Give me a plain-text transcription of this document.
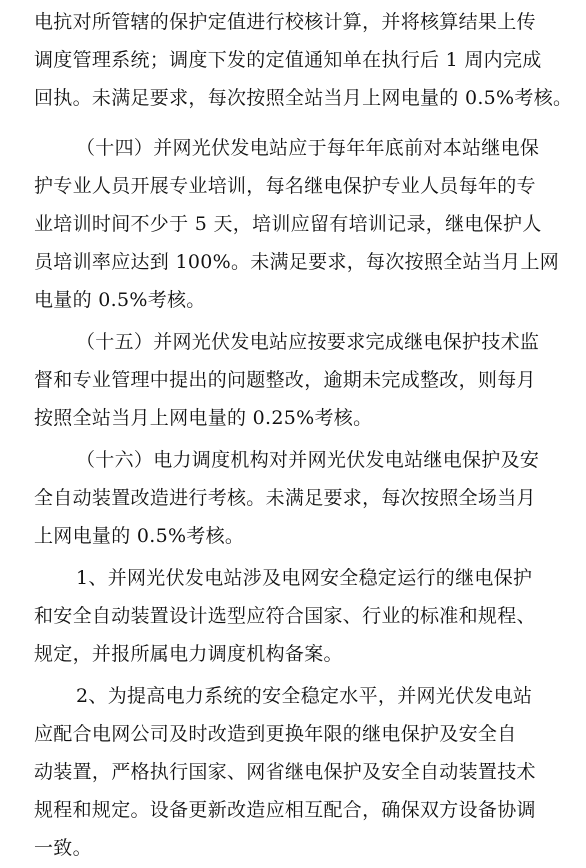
电抗对所管辖的保护定值进行校核计算，并将核算结果上传
调度管理系统；调度下发的定值通知单在执行后 1 周内完成
回执。未满足要求，每次按照全站当月上网电量的 0.5%考核。
（十四）并网光伏发电站应于每年年底前对本站继电保
护专业人员开展专业培训，每名继电保护专业人员每年的专
业培训时间不少于 5 天，培训应留有培训记录，继电保护人
员培训率应达到 100%。未满足要求，每次按照全站当月上网
电量的 0.5%考核。
（十五）并网光伏发电站应按要求完成继电保护技术监
督和专业管理中提出的问题整改，逾期未完成整改，则每月
按照全站当月上网电量的 0.25%考核。
（十六）电力调度机构对并网光伏发电站继电保护及安
全自动装置改造进行考核。未满足要求，每次按照全场当月
上网电量的 0.5%考核。
1、并网光伏发电站涉及电网安全稳定运行的继电保护
和安全自动装置设计选型应符合国家、行业的标准和规程、
规定，并报所属电力调度机构备案。
2、为提高电力系统的安全稳定水平，并网光伏发电站
应配合电网公司及时改造到更换年限的继电保护及安全自
动装置，严格执行国家、网省继电保护及安全自动装置技术
规程和规定。设备更新改造应相互配合，确保双方设备协调
一致。
